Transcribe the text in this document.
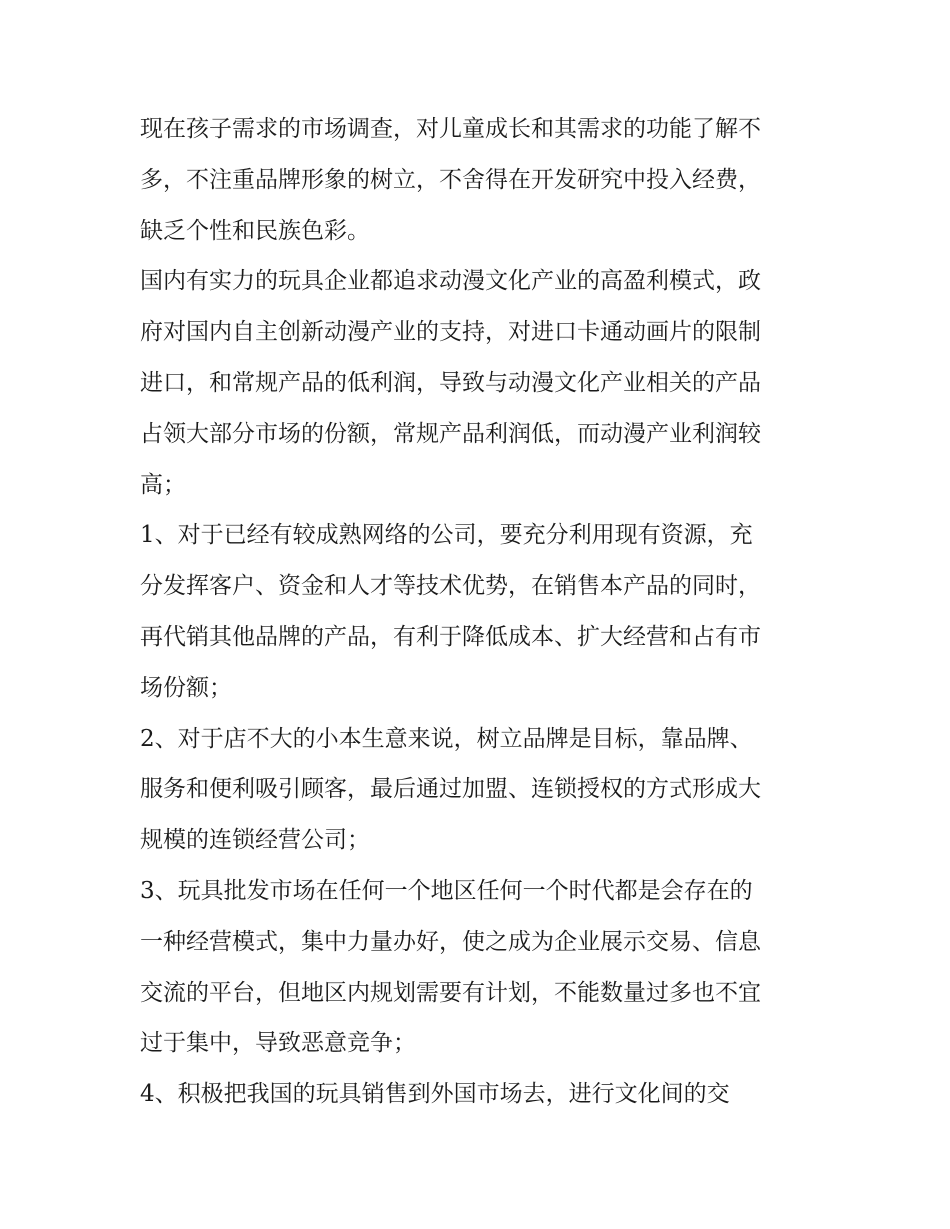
现在孩子需求的市场调查，对儿童成长和其需求的功能了解不
多，不注重品牌形象的树立，不舍得在开发研究中投入经费，
缺乏个性和民族色彩。

国内有实力的玩具企业都追求动漫文化产业的高盈利模式，政
府对国内自主创新动漫产业的支持，对进口卡通动画片的限制
进口，和常规产品的低利润，导致与动漫文化产业相关的产品
占领大部分市场的份额，常规产品利润低，而动漫产业利润较
高；

1、对于已经有较成熟网络的公司，要充分利用现有资源，充
分发挥客户、资金和人才等技术优势，在销售本产品的同时，
再代销其他品牌的产品，有利于降低成本、扩大经营和占有市
场份额；

2、对于店不大的小本生意来说，树立品牌是目标，靠品牌、
服务和便利吸引顾客，最后通过加盟、连锁授权的方式形成大
规模的连锁经营公司；

3、玩具批发市场在任何一个地区任何一个时代都是会存在的
一种经营模式，集中力量办好，使之成为企业展示交易、信息
交流的平台，但地区内规划需要有计划，不能数量过多也不宜
过于集中，导致恶意竞争；

4、积极把我国的玩具销售到外国市场去，进行文化间的交
